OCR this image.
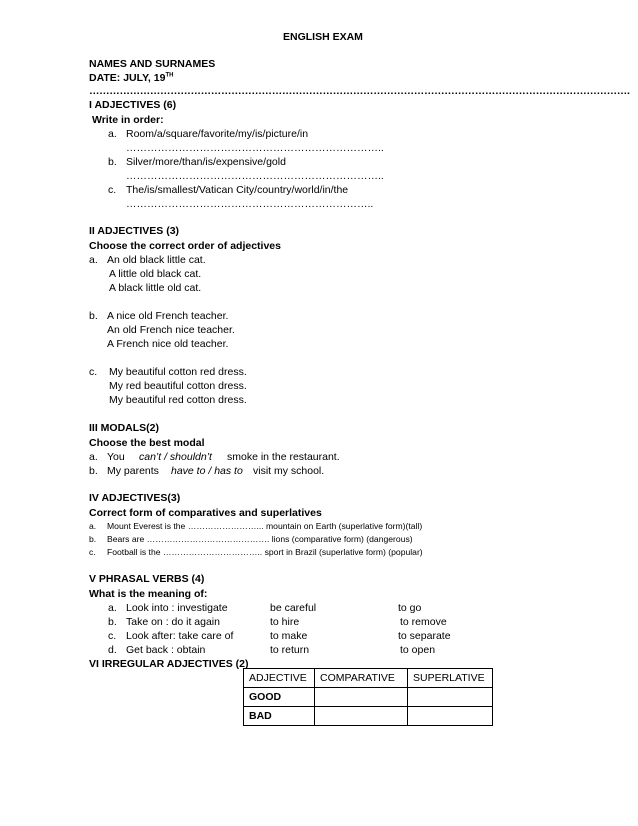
ENGLISH EXAM
NAMES AND SURNAMES
DATE: JULY, 19TH
…………………………………………………………………………………………………………………………………………….
I ADJECTIVES (6)
Write in order:
a. Room/a/square/favorite/my/is/picture/in
………………………………………………………………..
b. Silver/more/than/is/expensive/gold
………………………………………………………………..
c. The/is/smallest/Vatican City/country/world/in/the
……………………………………………………………..
II ADJECTIVES (3)
Choose the correct order of adjectives
a. An old black little cat.
A little old black cat.
A black little old cat.
b. A nice old French teacher.
An old French nice teacher.
A French nice old teacher.
c. My beautiful cotton red dress.
My red beautiful cotton dress.
My beautiful red cotton dress.
III MODALS(2)
Choose the best modal
a. You can’t / shouldn’t smoke in the restaurant.
b. My parents have to / has to visit my school.
IV ADJECTIVES(3)
Correct form of comparatives and superlatives
a. Mount Everest is the ……………………... mountain on Earth (superlative form)(tall)
b. Bears are ……………………………………. lions (comparative form) (dangerous)
c. Football is the …………………………….. sport in Brazil (superlative form) (popular)
V PHRASAL VERBS (4)
What is the meaning of:
a. Look into : investigate	be careful	to go
b. Take on : do it again	to hire	to remove
c. Look after: take care of	to make	to separate
d. Get back : obtain	to return	to open
VI IRREGULAR ADJECTIVES (2)
ADJECTIVE	COMPARATIVE	SUPERLATIVE
GOOD		
BAD		
